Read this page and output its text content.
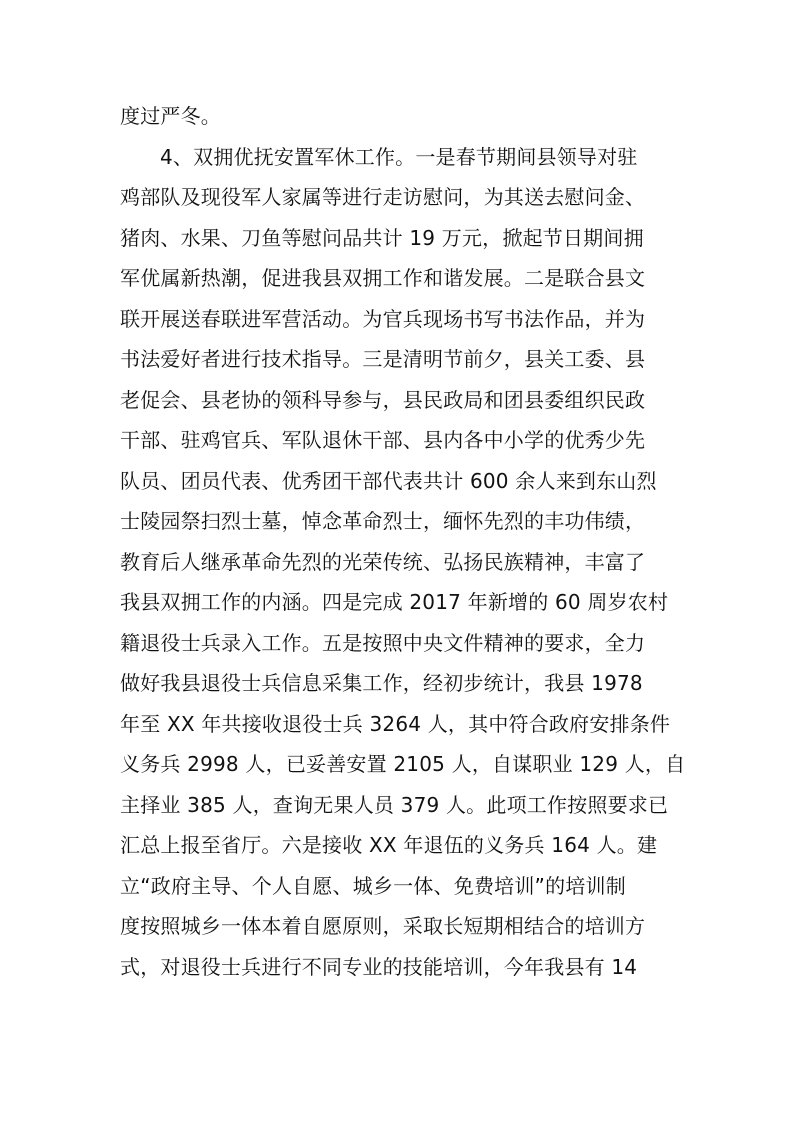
度过严冬。
4、双拥优抚安置军休工作。一是春节期间县领导对驻
鸡部队及现役军人家属等进行走访慰问，为其送去慰问金、
猪肉、水果、刀鱼等慰问品共计 19 万元，掀起节日期间拥
军优属新热潮，促进我县双拥工作和谐发展。二是联合县文
联开展送春联进军营活动。为官兵现场书写书法作品，并为
书法爱好者进行技术指导。三是清明节前夕，县关工委、县
老促会、县老协的领科导参与，县民政局和团县委组织民政
干部、驻鸡官兵、军队退休干部、县内各中小学的优秀少先
队员、团员代表、优秀团干部代表共计 600 余人来到东山烈
士陵园祭扫烈士墓，悼念革命烈士，缅怀先烈的丰功伟绩，
教育后人继承革命先烈的光荣传统、弘扬民族精神，丰富了
我县双拥工作的内涵。四是完成 2017 年新增的 60 周岁农村
籍退役士兵录入工作。五是按照中央文件精神的要求，全力
做好我县退役士兵信息采集工作，经初步统计，我县 1978
年至 XX 年共接收退役士兵 3264 人，其中符合政府安排条件
义务兵 2998 人，已妥善安置 2105 人，自谋职业 129 人，自
主择业 385 人，查询无果人员 379 人。此项工作按照要求已
汇总上报至省厅。六是接收 XX 年退伍的义务兵 164 人。建
立“政府主导、个人自愿、城乡一体、免费培训”的培训制
度按照城乡一体本着自愿原则，采取长短期相结合的培训方
式，对退役士兵进行不同专业的技能培训，今年我县有 14
